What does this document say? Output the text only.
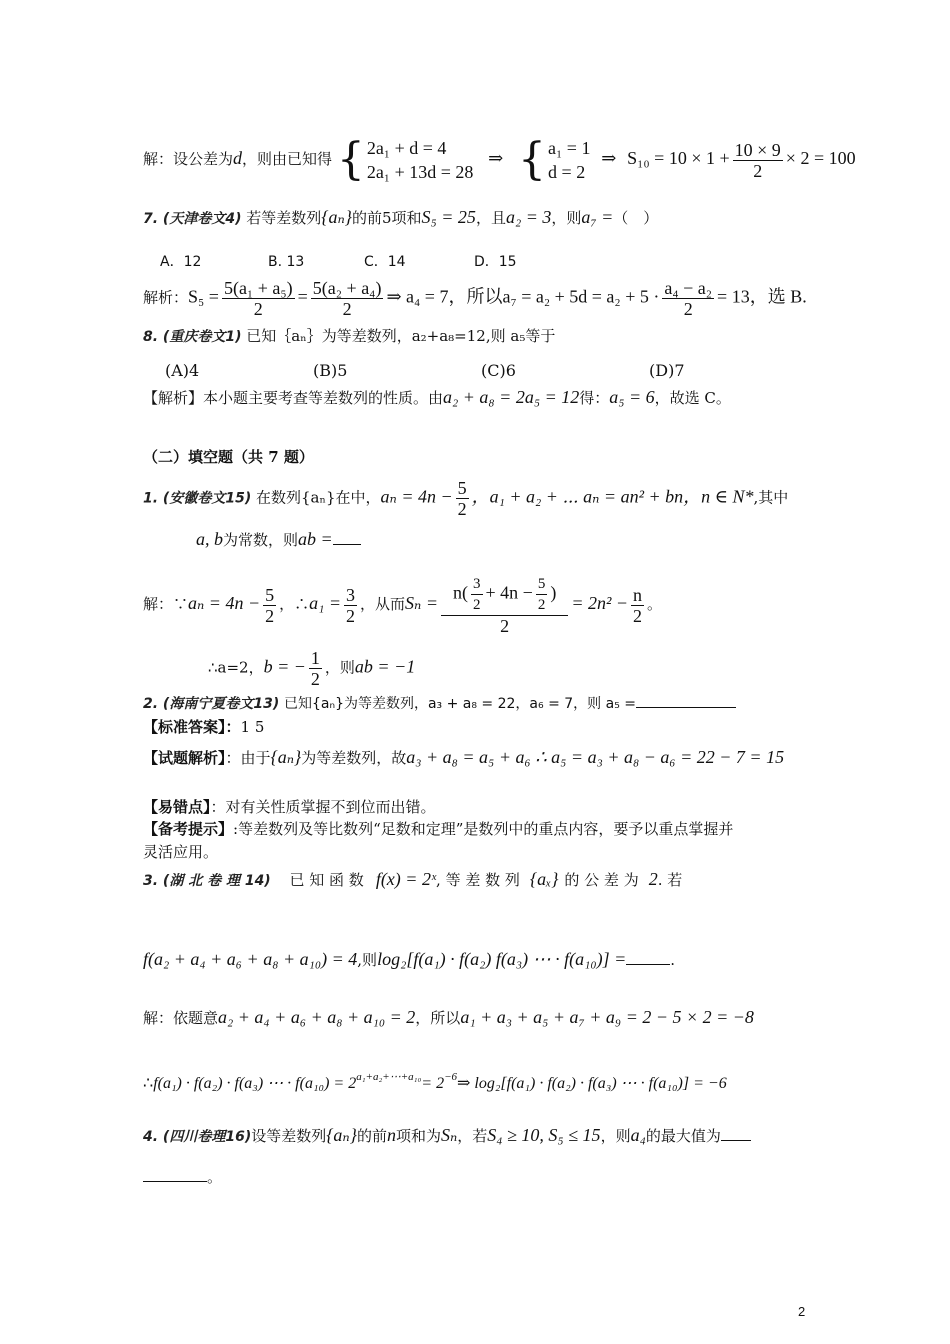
解：设公差为d，则由已知得 { 2a₁ + d = 4
2a₁ + 13d = 28
⇒ { a₁ = 1
d = 2
⇒ $S_{10} = 10 \times 1 + \frac{10 \times 9}{2} \times 2 = 100$
7. (天津卷文4) 若等差数列{aₙ}的前5项和S₅ = 25，且a₂ = 3，则a₇ =（　）
A．12	B. 13	C．14	D．15
解析：$S_5 = \frac{\text{5(a₁ + a₅)}}{2} = \frac{\text{5(a₂ + a₄)}}{2}$ ⇒ a₄ = 7，所以$a_7 = a_2 + 5d = a_2 + 5 \cdot \frac{\text{a₄ − a₂}}{2} = 13$，选 B.
8. (重庆卷文1) 已知｛aₙ｝为等差数列，a₂+a₈=12,则 a₅等于
(A)4	(B)5	(C)6	(D)7
【解析】本小题主要考查等差数列的性质。由a₂ + a₈ = 2a₅ = 12得：a₅ = 6，故选 C。
（二）填空题（共 7 题）
1. (安徽卷文15) 在数列{aₙ}在中，$a_n = 4n - \frac{5}{2}$ ，a₁ + a₂ + ⋯ aₙ = an² + bn，n ∈ N*,其中
a, b为常数，则ab =
解：∵aₙ = $4n - \frac{5}{2}$ ，∴a₁ = $\frac{3}{2}$ ，从而$S_n = \frac{n( \frac{3}{2} + 4n - \frac{5}{2} )}{2} = 2n^2 - \frac{n}{2}$ 。
∴a=2，b = − $\frac{1}{2}$ ，则ab = −1
2. (海南宁夏卷文13) 已知{aₙ}为等差数列，a₃ + a₈ = 22，a₆ = 7，则 a₅ =
【标准答案】：1 5
【试题解析】：由于{aₙ}为等差数列，故a₃ + a₈ = a₅ + a₆ ∴ a₅ = a₃ + a₈ − a₆ = 22 − 7 = 15
【易错点】：对有关性质掌握不到位而出错。
【备考提示】:等差数列及等比数列“足数和定理”是数列中的重点内容，要予以重点掌握并
灵活应用。
3. (湖 北 卷 理 14) 已 知 函 数 f(x) = 2ˣ, 等 差 数 列 {aₓ} 的 公 差 为 2. 若
f(a₂ + a₄ + a₆ + a₈ + a₁₀) = 4,则log₂[f(a₁) · f(a₂) f(a₃) ⋯ · f(a₁₀)] =	.
解：依题意a₂ + a₄ + a₆ + a₈ + a₁₀ = 2，所以a₁ + a₃ + a₅ + a₇ + a₉ = 2 − 5 × 2 = −8
∴f(a₁) · f(a₂) · f(a₃) ⋯ · $f(a_{10}) = 2^{a_1+a_2+\cdots+a_{10}}=$ $2^{-6}\Rightarrow$ log₂[f(a₁) · f(a₂) · f(a₃) ⋯ · f(a₁₀)] = −6
4. (四川卷理16)设等差数列{aₙ}的前n项和为Sₙ，若S₄ ≥ 10, S₅ ≤ 15，则a₄的最大值为
。
2
